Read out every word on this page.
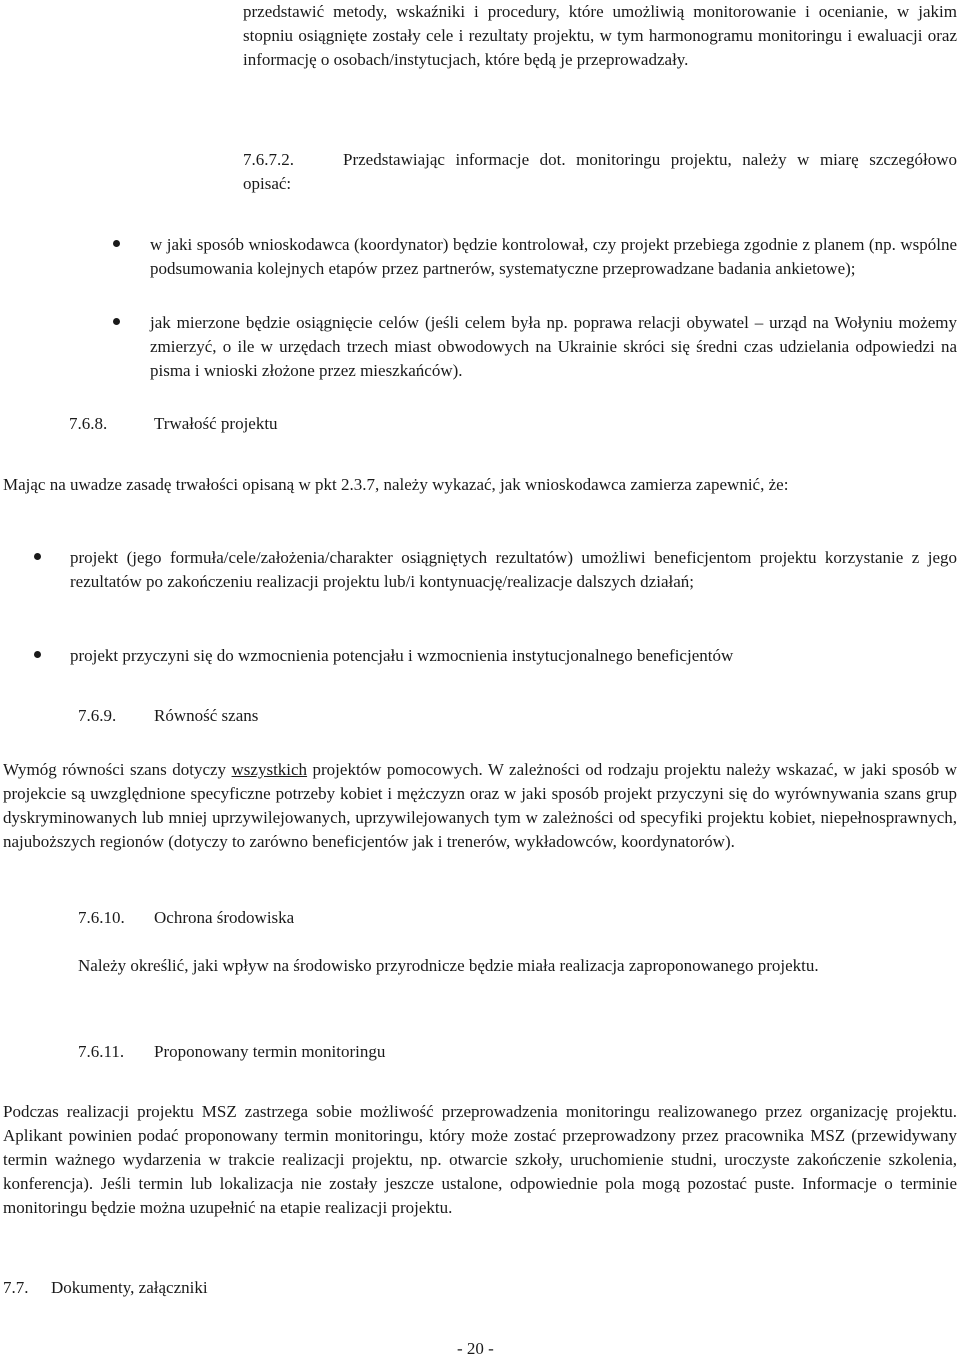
przedstawić metody, wskaźniki i procedury, które umożliwią monitorowanie i ocenianie, w jakim stopniu osiągnięte zostały cele i rezultaty projektu, w tym harmonogramu monitoringu i ewaluacji oraz informację o osobach/instytucjach, które będą je przeprowadzały.
7.6.7.2.	Przedstawiając informacje dot. monitoringu projektu, należy w miarę szczegółowo opisać:
w jaki sposób wnioskodawca (koordynator) będzie kontrolował, czy projekt przebiega zgodnie z planem (np. wspólne podsumowania kolejnych etapów przez partnerów, systematyczne przeprowadzane badania ankietowe);
jak mierzone będzie osiągnięcie celów (jeśli celem była np. poprawa relacji obywatel – urząd na Wołyniu możemy zmierzyć, o ile w urzędach trzech miast obwodowych na Ukrainie skróci się średni czas udzielania odpowiedzi na pisma i wnioski złożone przez mieszkańców).
7.6.8.	Trwałość projektu
Mając na uwadze zasadę trwałości opisaną w pkt 2.3.7, należy wykazać, jak wnioskodawca zamierza zapewnić, że:
projekt (jego formuła/cele/założenia/charakter osiągniętych rezultatów) umożliwi beneficjentom projektu korzystanie z jego rezultatów po zakończeniu realizacji projektu lub/i kontynuację/realizacje dalszych działań;
projekt przyczyni się do wzmocnienia potencjału i wzmocnienia instytucjonalnego beneficjentów
7.6.9. Równość szans
Wymóg równości szans dotyczy wszystkich projektów pomocowych. W zależności od rodzaju projektu należy wskazać, w jaki sposób w projekcie są uwzględnione specyficzne potrzeby kobiet i mężczyzn oraz w jaki sposób projekt przyczyni się do wyrównywania szans grup dyskryminowanych lub mniej uprzywilejowanych, uprzywilejowanych tym w zależności od specyfiki projektu kobiet, niepełnosprawnych, najuboższych regionów (dotyczy to zarówno beneficjentów jak i trenerów, wykładowców, koordynatorów).
7.6.10. Ochrona środowiska
Należy określić, jaki wpływ na środowisko przyrodnicze będzie miała realizacja zaproponowanego projektu.
7.6.11. Proponowany termin monitoringu
Podczas realizacji projektu MSZ zastrzega sobie możliwość przeprowadzenia monitoringu realizowanego przez organizację projektu. Aplikant powinien podać proponowany termin monitoringu, który może zostać przeprowadzony przez pracownika MSZ (przewidywany termin ważnego wydarzenia w trakcie realizacji projektu, np. otwarcie szkoły, uruchomienie studni, uroczyste zakończenie szkolenia, konferencja). Jeśli termin lub lokalizacja nie zostały jeszcze ustalone, odpowiednie pola mogą pozostać puste. Informacje o terminie monitoringu będzie można uzupełnić na etapie realizacji projektu.
7.7. Dokumenty, załączniki
- 20 -
